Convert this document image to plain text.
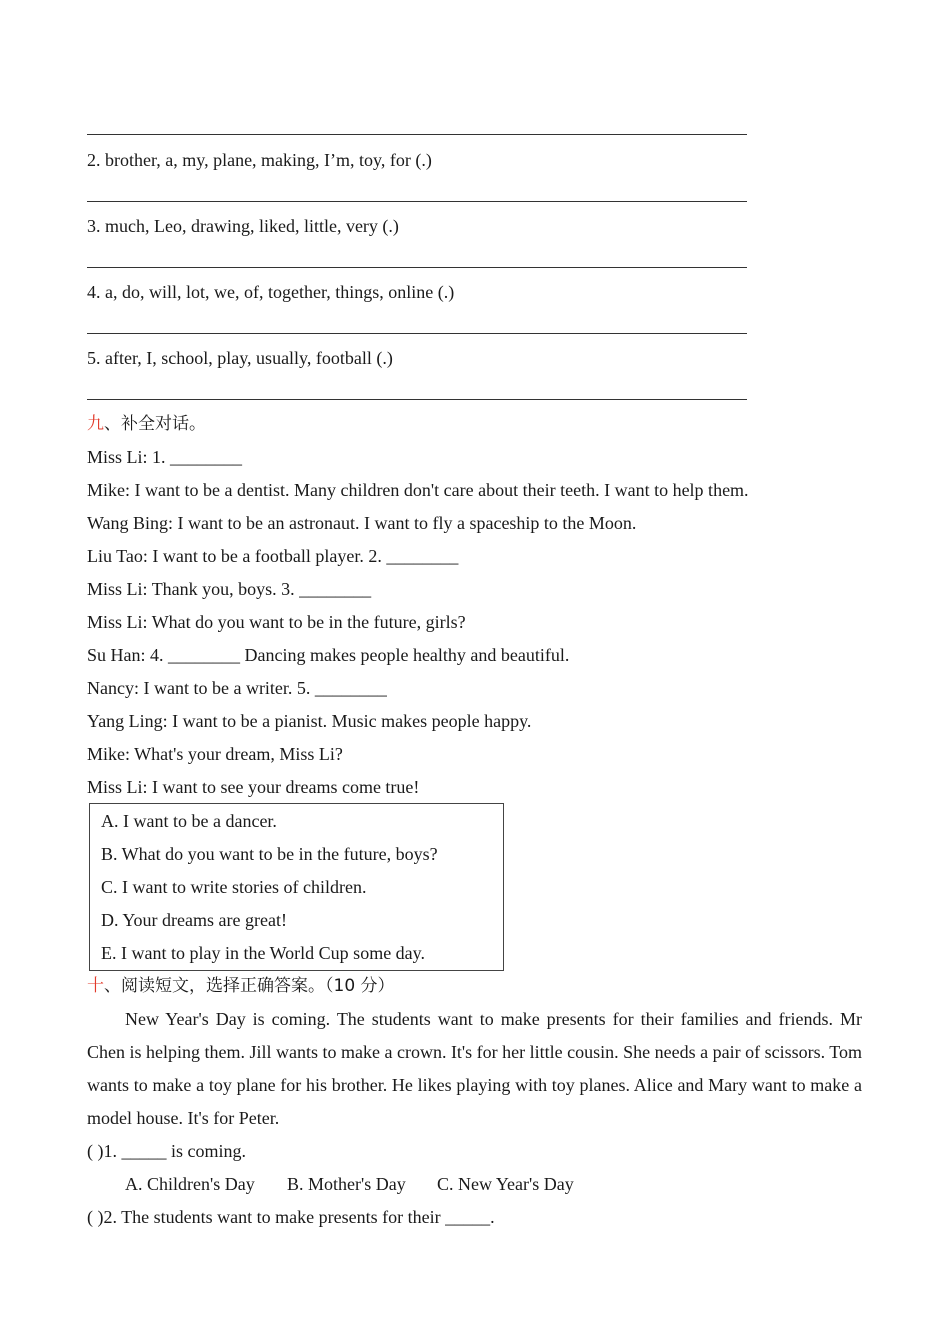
2. brother, a, my, plane, making, I’m, toy, for (.)
3. much, Leo, drawing, liked, little, very (.)
4. a, do, will, lot, we, of, together, things, online (.)
5. after, I, school, play, usually, football (.)
九、补全对话。
Miss Li: 1. ________
Mike: I want to be a dentist. Many children don't care about their teeth. I want to help them.
Wang Bing: I want to be an astronaut. I want to fly a spaceship to the Moon.
Liu Tao: I want to be a football player. 2. ________
Miss Li: Thank you, boys. 3. ________
Miss Li: What do you want to be in the future, girls?
Su Han: 4. ________ Dancing makes people healthy and beautiful.
Nancy: I want to be a writer. 5. ________
Yang Ling: I want to be a pianist. Music makes people happy.
Mike: What's your dream, Miss Li?
Miss Li: I want to see your dreams come true!
A. I want to be a dancer.
B. What do you want to be in the future, boys?
C. I want to write stories of children.
D. Your dreams are great!
E. I want to play in the World Cup some day.
十、阅读短文，选择正确答案。（10 分）
New Year's Day is coming. The students want to make presents for their families and friends. Mr Chen is helping them. Jill wants to make a crown. It's for her little cousin. She needs a pair of scissors. Tom wants to make a toy plane for his brother. He likes playing with toy planes. Alice and Mary want to make a model house. It's for Peter.
( )1. _____ is coming.
A. Children's Day B. Mother's Day C. New Year's Day
( )2. The students want to make presents for their _____.
